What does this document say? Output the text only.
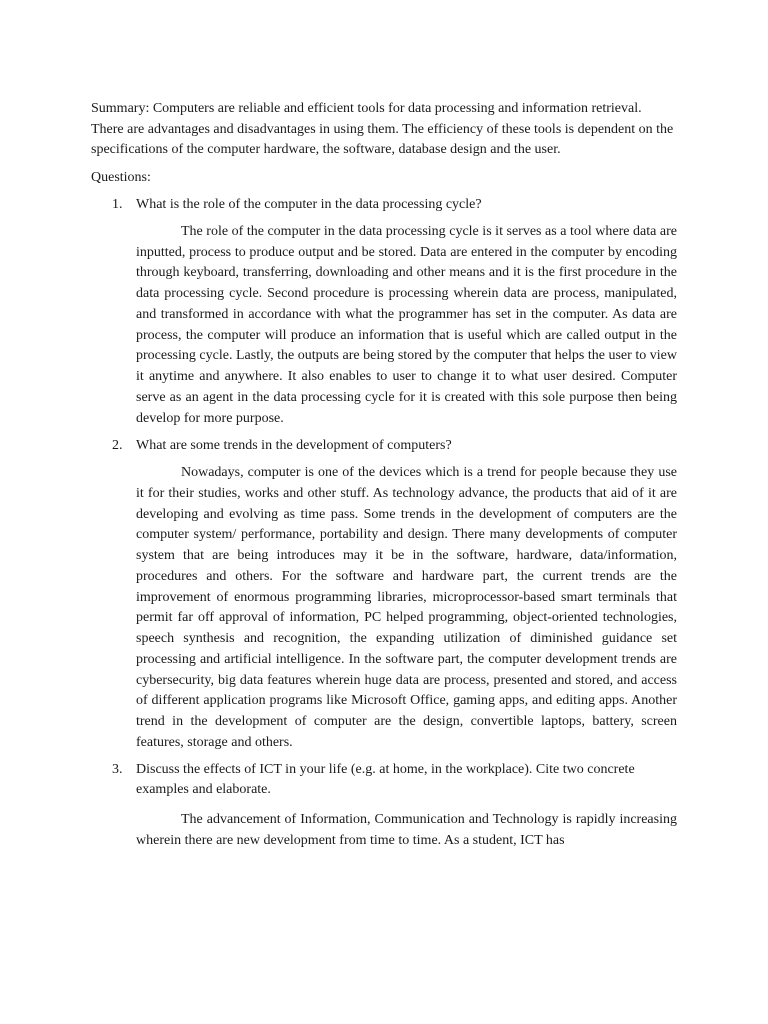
Summary: Computers are reliable and efficient tools for data processing and information retrieval. There are advantages and disadvantages in using them. The efficiency of these tools is dependent on the specifications of the computer hardware, the software, database design and the user.

Questions:

1. What is the role of the computer in the data processing cycle?

The role of the computer in the data processing cycle is it serves as a tool where data are inputted, process to produce output and be stored. Data are entered in the computer by encoding through keyboard, transferring, downloading and other means and it is the first procedure in the data processing cycle. Second procedure is processing wherein data are process, manipulated, and transformed in accordance with what the programmer has set in the computer. As data are process, the computer will produce an information that is useful which are called output in the processing cycle. Lastly, the outputs are being stored by the computer that helps the user to view it anytime and anywhere. It also enables to user to change it to what user desired. Computer serve as an agent in the data processing cycle for it is created with this sole purpose then being develop for more purpose.

2. What are some trends in the development of computers?

Nowadays, computer is one of the devices which is a trend for people because they use it for their studies, works and other stuff. As technology advance, the products that aid of it are developing and evolving as time pass. Some trends in the development of computers are the computer system/ performance, portability and design. There many developments of computer system that are being introduces may it be in the software, hardware, data/information, procedures and others. For the software and hardware part, the current trends are the improvement of enormous programming libraries, microprocessor-based smart terminals that permit far off approval of information, PC helped programming, object-oriented technologies, speech synthesis and recognition, the expanding utilization of diminished guidance set processing and artificial intelligence. In the software part, the computer development trends are cybersecurity, big data features wherein huge data are process, presented and stored, and access of different application programs like Microsoft Office, gaming apps, and editing apps. Another trend in the development of computer are the design, convertible laptops, battery, screen features, storage and others.

3. Discuss the effects of ICT in your life (e.g. at home, in the workplace). Cite two concrete examples and elaborate.

The advancement of Information, Communication and Technology is rapidly increasing wherein there are new development from time to time. As a student, ICT has
